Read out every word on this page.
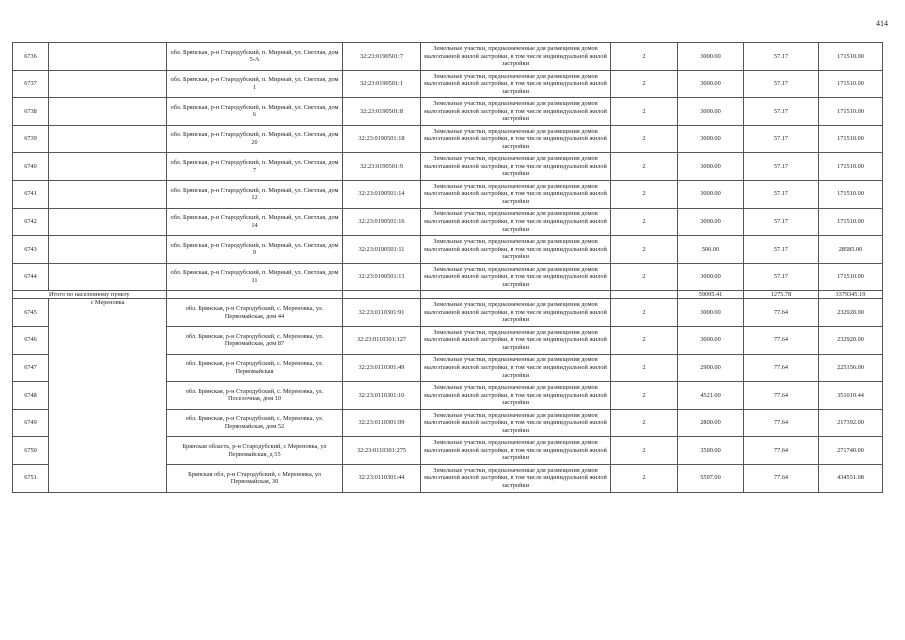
414
6736		обл. Брянская, р-н Стародубский, п. Мирный, ул. Светлая, дом 5-А	32:23:0190501:7	Земельные участки, предназначенные для размещения домов малоэтажной жилой застройки, в том числе индивидуальной жилой застройки	2	3000.00	57.17	171510.00
6737		обл. Брянская, р-н Стародубский, п. Мирный, ул. Светлая, дом 1	32:23:0190501:1	Земельные участки, предназначенные для размещения домов малоэтажной жилой застройки, в том числе индивидуальной жилой застройки	2	3000.00	57.17	171510.00
6738		обл. Брянская, р-н Стародубский, п. Мирный, ул. Светлая, дом 6	32:23:0190501:8	Земельные участки, предназначенные для размещения домов малоэтажной жилой застройки, в том числе индивидуальной жилой застройки	2	3000.00	57.17	171510.00
6739		обл. Брянская, р-н Стародубский, п. Мирный, ул. Светлая, дом 20	32:23:0190501:18	Земельные участки, предназначенные для размещения домов малоэтажной жилой застройки, в том числе индивидуальной жилой застройки	2	3000.00	57.17	171510.00
6740		обл. Брянская, р-н Стародубский, п. Мирный, ул. Светлая, дом 7	32:23:0190501:9	Земельные участки, предназначенные для размещения домов малоэтажной жилой застройки, в том числе индивидуальной жилой застройки	2	3000.00	57.17	171510.00
6741		обл. Брянская, р-н Стародубский, п. Мирный, ул. Светлая, дом 12	32:23:0190501:14	Земельные участки, предназначенные для размещения домов малоэтажной жилой застройки, в том числе индивидуальной жилой застройки	2	3000.00	57.17	171510.00
6742		обл. Брянская, р-н Стародубский, п. Мирный, ул. Светлая, дом 14	32:23:0190501:16	Земельные участки, предназначенные для размещения домов малоэтажной жилой застройки, в том числе индивидуальной жилой застройки	2	3000.00	57.17	171510.00
6743		обл. Брянская, р-н Стародубский, п. Мирный, ул. Светлая, дом 9	32:23:0190501:11	Земельные участки, предназначенные для размещения домов малоэтажной жилой застройки, в том числе индивидуальной жилой застройки	2	500.00	57.17	28585.00
6744		обл. Брянская, р-н Стародубский, п. Мирный, ул. Светлая, дом 11	32:23:0190501:13	Земельные участки, предназначенные для размещения домов малоэтажной жилой застройки, в том числе индивидуальной жилой застройки	2	3000.00	57.17	171510.00
Итого по населенному пункту						59095.41	1275.78	3379345.19
6745	с Мереновка	обл. Брянская, р-н Стародубский, с. Мереновка, ул. Первомайская, дом 44	32:23:0110301:91	Земельные участки, предназначенные для размещения домов малоэтажной жилой застройки, в том числе индивидуальной жилой застройки	2	3000.00	77.64	232920.00
6746		обл. Брянская, р-н Стародубский, с. Мереновка, ул. Первомайская, дом 87	32:23:0110301:127	Земельные участки, предназначенные для размещения домов малоэтажной жилой застройки, в том числе индивидуальной жилой застройки	2	3000.00	77.64	232920.00
6747		обл. Брянская, р-н Стародубский, с. Мереновка, ул. Первомайская	32:23:0110301:49	Земельные участки, предназначенные для размещения домов малоэтажной жилой застройки, в том числе индивидуальной жилой застройки	2	2900.00	77.64	225156.00
6748		обл. Брянская, р-н Стародубский, с. Мереновка, ул. Поселочная, дом 10	32:23:0110301:10	Земельные участки, предназначенные для размещения домов малоэтажной жилой застройки, в том числе индивидуальной жилой застройки	2	4521.00	77.64	351010.44
6749		обл. Брянская, р-н Стародубский, с. Мереновка, ул. Первомайская, дом 52	32:23:0110301:99	Земельные участки, предназначенные для размещения домов малоэтажной жилой застройки, в том числе индивидуальной жилой застройки	2	2800.00	77.64	217392.00
6750		Брянская область, р-н Стародубский, с Мереновка, ул Первомайская, д 55	32:23:0110301:275	Земельные участки, предназначенные для размещения домов малоэтажной жилой застройки, в том числе индивидуальной жилой застройки	2	3500.00	77.64	271740.00
6751		Брянская обл, р-н Стародубский, с Мереновка, ул Первомайская, 30	32:23:0110301:44	Земельные участки, предназначенные для размещения домов малоэтажной жилой застройки, в том числе индивидуальной жилой застройки	2	5597.00	77.64	434551.08
